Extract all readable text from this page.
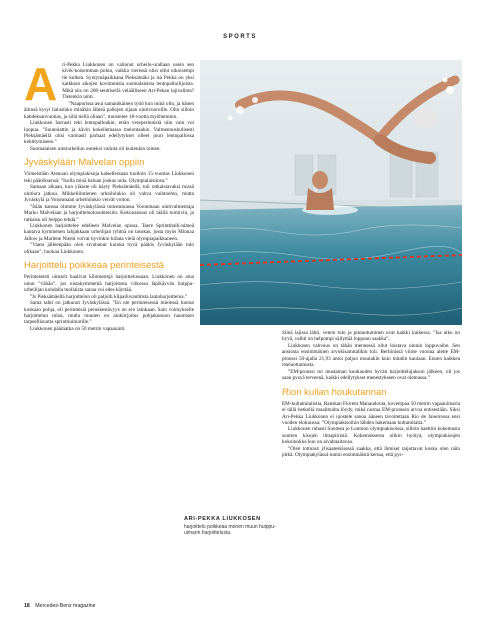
SPORTS
A ri-Pekka Liukkonen on valinnut urheilu-urallaan usein sen kivik-koisemman polun, vaikka vieressä olisi ollut oikoisempi tie kulkea. Syntymäpaikkana Pieksämäki ja isä Pekka on yksi kaikkien aikojen kovimmista suomalaisista lentopalloilijoista. Mikä siis on 208-senttisellä veläälliseen Ari-Pekan lajivalinta? Tietenkin uinti.

”Naapurissa asui samanikäinen tyttö kun minä olin, ja hänen äitinsä kysyi halusinko minäkin lähteä pallojen sijaan uintivuoroille. Olin silloin kahdeksanvuotias, ja sillä tiellä ollaan”, muistelee 18-vuotta myöhemmin.

Liukkonen harrasti teki lentopalloakin, ettän vereperinnistä niin vain voi luopua. ”Suunniattin ja kävin kokeilemassa melontaakin. Valmennuskulisesti Pieksämäellä olisi varmasti parhaat edellytykset olleet juuri lentopallossa kehittymiseen.”

Suomalaisen uintiurheilun onneksi valinta oli kuitenkin toinen.

Jyväskylään Malvelan oppiin

Viimeistään Atenoan olympiakisoja katsellessaan tuolloin 15-vuotias Liukkonen teki päätöksensä: ”Isolla minä haluan joskus uida. Olympialaisiinsa.”

Samaan aikaan, kun yläaste oli käyty Pieksämäellä, tuli ratkaistavaksi missä uintiura jatkuu. Mikkeliiintienen urheilulukio oli vahva vaihtoehto, mutta Jyväskylä ja Voionmaan urheilulukio veivät voiton.

”Islän kanssa olimme Jyväskylässä tutustumassa Voionmaan uintivalmentaja Marko Malvelaan ja harjoitteluolosuhteisiin. Kokonaisuus oli täällä toimivin, ja ratkaisu oli helppo tehdä.”

Liukkonen harjoittelee edelleen Malvelan opissa. Taere Sprinttitalli-nimeä kantava kymmenen lahjakkaan urheilijan ryhmä on tasokas, josta myös Minnaa Jallow ja Marlene Niemi voivat hyvinkin kiilata vielä olympiapaikkaneen.

”Vanta jälleenpään olen sivuhanut kuinka hyvä päätös Jyväskylään tulo olikaan”, huokaa Liukkonen.

Harjoittelu poikkeaa perinteisestä

Perinteisesti uimarit haalivat kilometrejä harjoittelussaan. Liukkonen on aina uinut ”vähän”, jos nistakymmentä harjoitusta viikossa läpikäyvän huippu-urheilijan kohdalla tuollaista sanaa voi edes käyttää.

”Is Pieksämäellä harjoittelun oli paljolti kilpailuvauhtista laatuharjoittelua.”

Sama tahti on jatkunut Jyväskylässä. ”En ole perinteisessä mielessä luonut koskaan pohja, oli perinteisiä peruskestävyys on ero lainkaan. Sain voimykselle harjoittelun tuloa, mutta muuten en ainkiirjoitus pohjakunnon haumisen tarpeellisuutta sprinttiuimarille.”

Liukkonen päämatka on 50 metrin vapaauinti.

ARI-PEKKA LIUKKOSEN
harjoittelu poikkeaa monen muun huippu-uimarin harjoittelusta.

Siinä lajissa lähti, vetem tulo ja pintautuminen ovat kaikki kaikessa. ”Isa alku on hyvä, vaihti on helpompi säilyttää loppuun saakka”.

Liukkosen vahvuus on tähän mennessä ollut loistava uinnin loppuvaihe. Sen ansiosta ensimmäinen arvokisamitalikin tuli. Berliinissä viime vuonna alette EM-pronssi 50-ajalla 21,93 antoi paljon muutakin kuin mitalin kaulaan. Ennen kaikkea itseluottamusta.

”EM-pronssi toi mustaman kuukauden hyvän harjoittelujakson jälkeen, oli jos saan pysyä terveenä, kaikki edellytykset menestykseen ovat olemassa.”

Rion kullan houkutannan

EM-kultamitalistia, Ranskan Florent Manaudouta, kovempaa 50 metrin vapaauimaria ei tällä hetkellä maailmalta löydy, mikä nostaa EM-pronssin arvoa entisestään. Siksi Ari-Pekka Liukkonen ei ujostele sanoa ääneen tavoitettaan Rio de Janeirossa ensi vuoden elokuussa: ”Olympiakisoihin lähden hakemaan kultamitalia.”

Liukkonen ruhasti Suomea jo Lontoon olympiakisoissa, silloin haettiin kokemusta suurten kisojen ilmapiiristä. Kokemuksesta olikin hyötyä, olympiakisojen kokoluokka kun on aivaltaaitavaa.

”Olen tottunut ylisaateskisessä saakka, että ihmiset taijottavat koska olen näin pitkä. Olympiakylässä tuntui ensimmäistä kertaa, että pys-

18 Mercedes-Benz magazine
